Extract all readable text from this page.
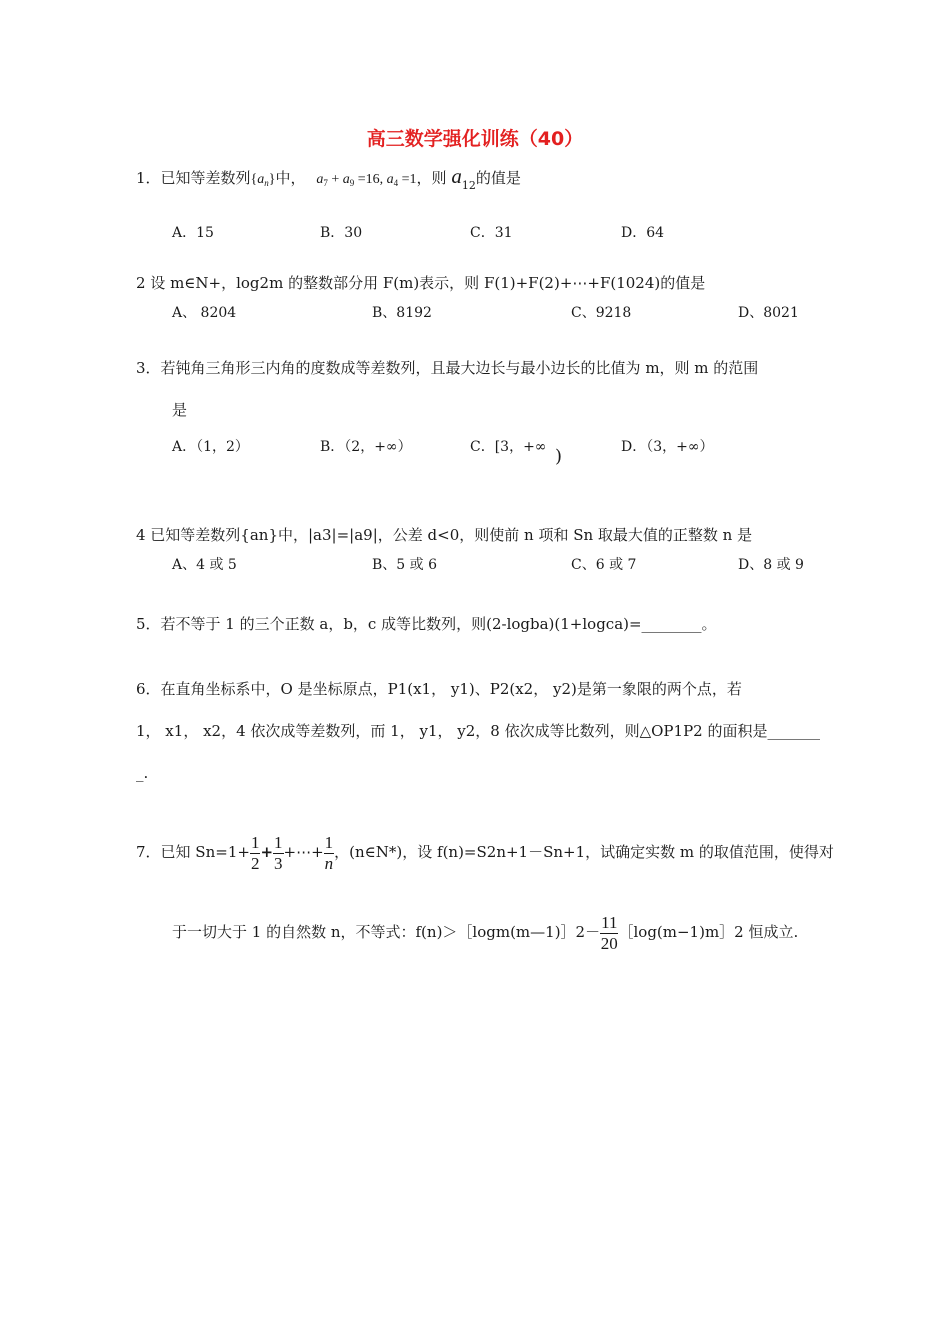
高三数学强化训练（40）
1．已知等差数列$\{a_n\}$中， $a_7 + a_9 =16$, $a_4 =1$，则 $a_{12}$的值是
A．15	B．30	C．31	D．64
2 设 m∈N+，log2m 的整数部分用 F(m)表示，则 F(1)+F(2)+⋯+F(1024)的值是
A、 8204	B、8192	C、9218	D、8021
3．若钝角三角形三内角的度数成等差数列，且最大边长与最小边长的比值为 m，则 m 的范围
是
A．（1，2）	B．（2，+∞）	C．[3，+∞ )	D．（3，+∞）
4 已知等差数列{an}中，|a3|=|a9|，公差 d<0，则使前 n 项和 Sn 取最大值的正整数 n 是
A、4 或 5	B、5 或 6	C、6 或 7	D、8 或 9
5．若不等于 1 的三个正数 a，b，c 成等比数列，则(2-logba)(1+logca)=________。
6．在直角坐标系中，O 是坐标原点，P1(x1， y1)、P2(x2， y2)是第一象限的两个点，若
1， x1， x2，4 依次成等差数列，而 1， y1， y2，8 依次成等比数列，则△OP1P2 的面积是_______
_.
7．已知 $Sn=1+ \frac{1}{2} + \frac{1}{3}$ +⋯+ $\frac{1}{n}$ ，(n∈N*)，设 f(n)=S2n+1－Sn+1，试确定实数 m 的取值范围，使得对
于一切大于 1 的自然数 n，不等式：f(n)＞［logm(m—1)］2－ $\frac{11}{20}$ ［log(m−1)m］2 恒成立.
